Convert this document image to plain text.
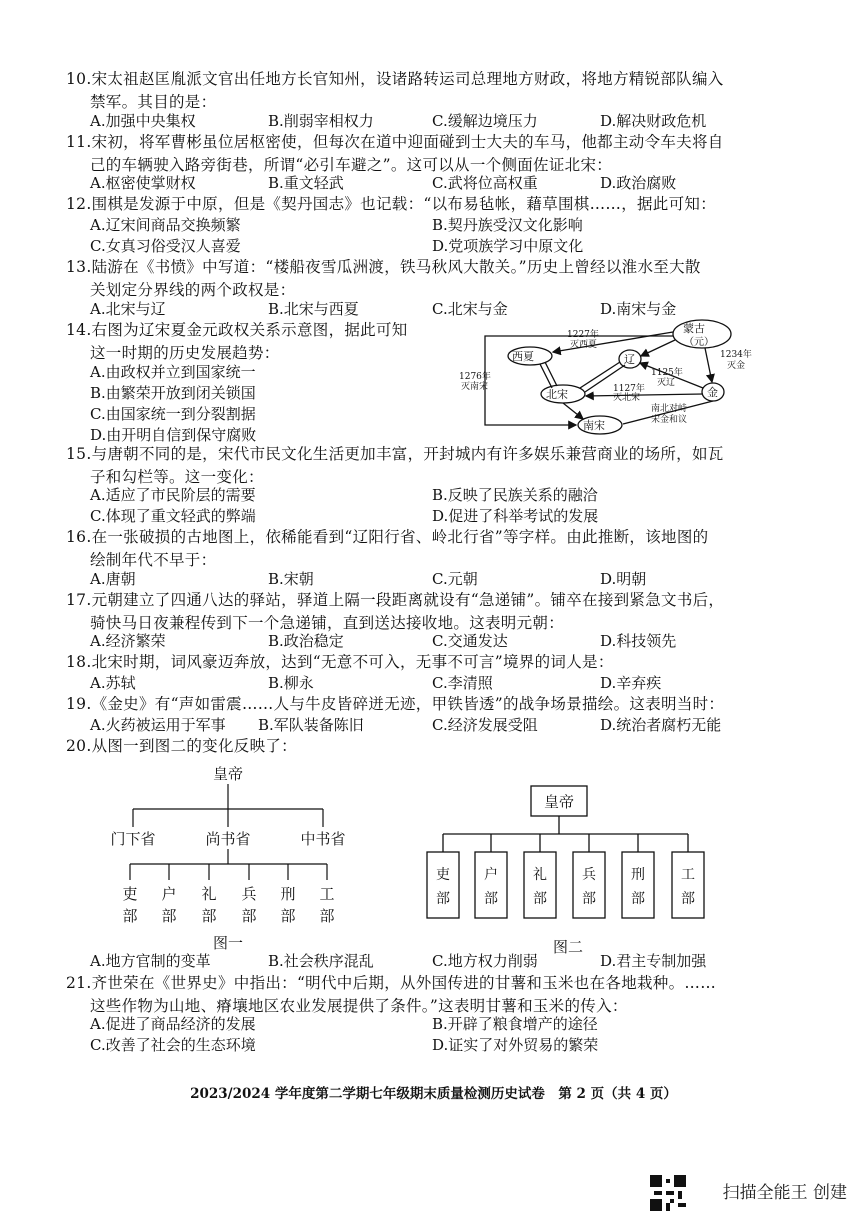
10.宋太祖赵匡胤派文官出任地方长官知州，设诸路转运司总理地方财政，将地方精锐部队编入
禁军。其目的是：
A.加强中央集权	B.削弱宰相权力	C.缓解边境压力	D.解决财政危机
11.宋初，将军曹彬虽位居枢密使，但每次在道中迎面碰到士大夫的车马，他都主动令车夫将自
己的车辆驶入路旁街巷，所谓“必引车避之”。这可以从一个侧面佐证北宋：
A.枢密使掌财权	B.重文轻武	C.武将位高权重	D.政治腐败
12.围棋是发源于中原，但是《契丹国志》也记载：“以布易毡帐，藉草围棋……，据此可知：
A.辽宋间商品交换频繁	B.契丹族受汉文化影响
C.女真习俗受汉人喜爱	D.党项族学习中原文化
13.陆游在《书愤》中写道：“楼船夜雪瓜洲渡，铁马秋风大散关。”历史上曾经以淮水至大散
关划定分界线的两个政权是：
A.北宋与辽	B.北宋与西夏	C.北宋与金	D.南宋与金
14.右图为辽宋夏金元政权关系示意图，据此可知
这一时期的历史发展趋势：
A.由政权并立到国家统一
B.由繁荣开放到闭关锁国
C.由国家统一到分裂割据
D.由开明自信到保守腐败
蒙古
（元）
西夏	辽
北宋	金
南宋
1227年
灭西夏
1234年
灭金
1276年
灭南宋
1125年
灭辽
1127年
灭北宋
南北对峙
宋金和议
15.与唐朝不同的是，宋代市民文化生活更加丰富，开封城内有许多娱乐兼营商业的场所，如瓦
子和勾栏等。这一变化：
A.适应了市民阶层的需要	B.反映了民族关系的融洽
C.体现了重文轻武的弊端	D.促进了科举考试的发展
16.在一张破损的古地图上，依稀能看到“辽阳行省、岭北行省”等字样。由此推断，该地图的
绘制年代不早于：
A.唐朝	B.宋朝	C.元朝	D.明朝
17.元朝建立了四通八达的驿站，驿道上隔一段距离就设有“急递铺”。铺卒在接到紧急文书后，
骑快马日夜兼程传到下一个急递铺，直到送达接收地。这表明元朝：
A.经济繁荣	B.政治稳定	C.交通发达	D.科技领先
18.北宋时期，词风豪迈奔放，达到“无意不可入，无事不可言”境界的词人是：
A.苏轼	B.柳永	C.李清照	D.辛弃疾
19.《金史》有“声如雷震……人与牛皮皆碎迸无迹，甲铁皆透”的战争场景描绘。这表明当时：
A.火药被运用于军事 B.军队装备陈旧	C.经济发展受阻	D.统治者腐朽无能
20.从图一到图二的变化反映了：
皇帝
门下省	尚书省	中书省
吏
部
户
部
礼
部
兵
部
刑
部
工
部
图一
皇帝
吏
部
户
部
礼
部
兵
部
刑
部
工
部
图二
A.地方官制的变革	B.社会秩序混乱	C.地方权力削弱	D.君主专制加强
21.齐世荣在《世界史》中指出：“明代中后期，从外国传进的甘薯和玉米也在各地栽种。……
这些作物为山地、瘠壤地区农业发展提供了条件。”这表明甘薯和玉米的传入：
A.促进了商品经济的发展	B.开辟了粮食增产的途径
C.改善了社会的生态环境	D.证实了对外贸易的繁荣
2023/2024 学年度第二学期七年级期末质量检测历史试卷　第 2 页（共 4 页）
扫描全能王 创建
